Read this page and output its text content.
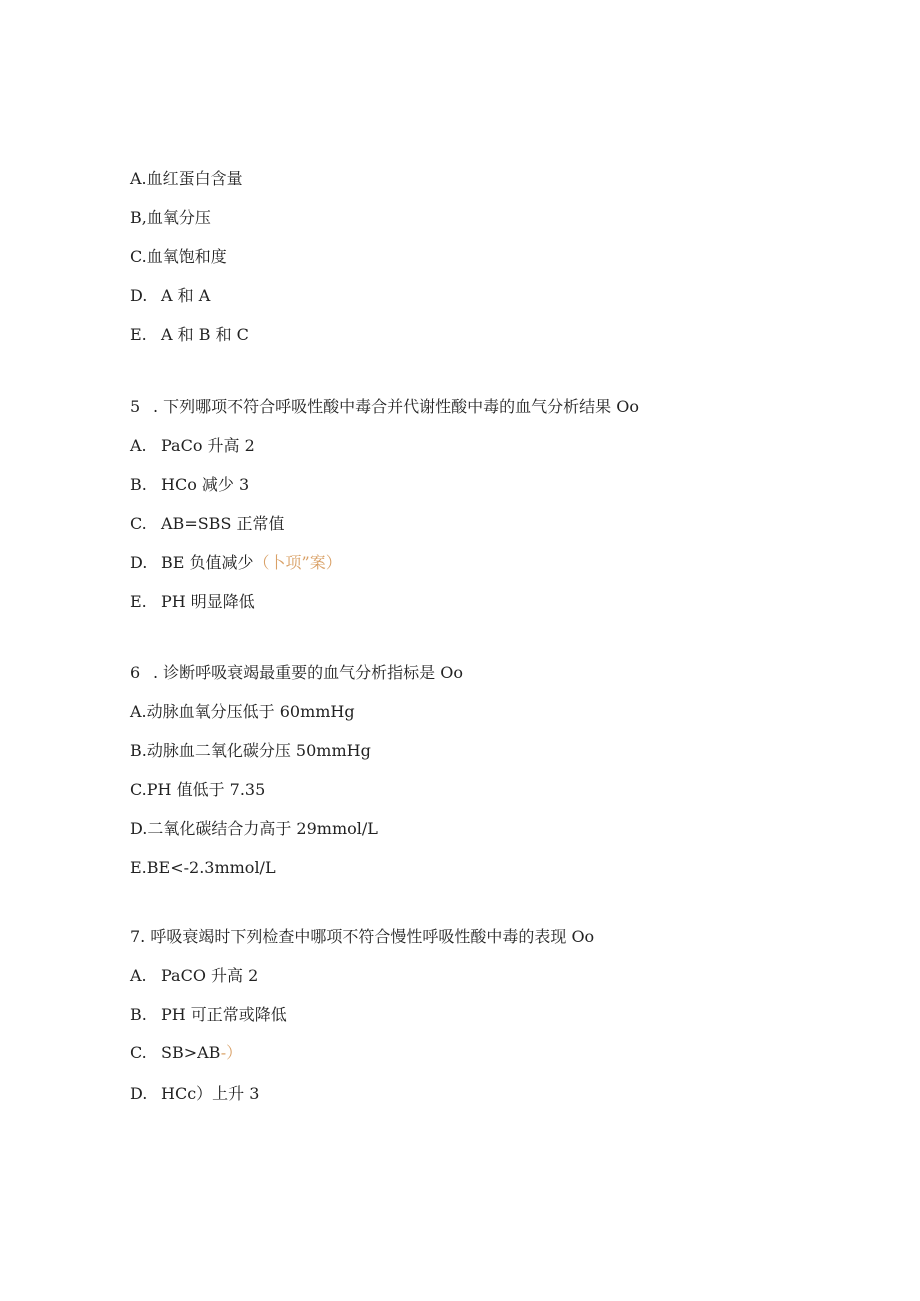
A.血红蛋白含量
B,血氧分压
C.血氧饱和度
D. A 和 A
E. A 和 B 和 C
5 . 下列哪项不符合呼吸性酸中毒合并代谢性酸中毒的血气分析结果 Oo
A. PaCo 升高 2
B. HCo 减少 3
C. AB=SBS 正常值
D. BE 负值减少（卜项”案）
E. PH 明显降低
6 . 诊断呼吸衰竭最重要的血气分析指标是 Oo
A.动脉血氧分压低于 60mmHg
B.动脉血二氧化碳分压 50mmHg
C.PH 值低于 7.35
D.二氧化碳结合力高于 29mmol/L
E.BE<-2.3mmol/L
7. 呼吸衰竭时下列检查中哪项不符合慢性呼吸性酸中毒的表现 Oo
A. PaCO 升高 2
B. PH 可正常或降低
C. SB>AB-）
D. HCc）上升 3
